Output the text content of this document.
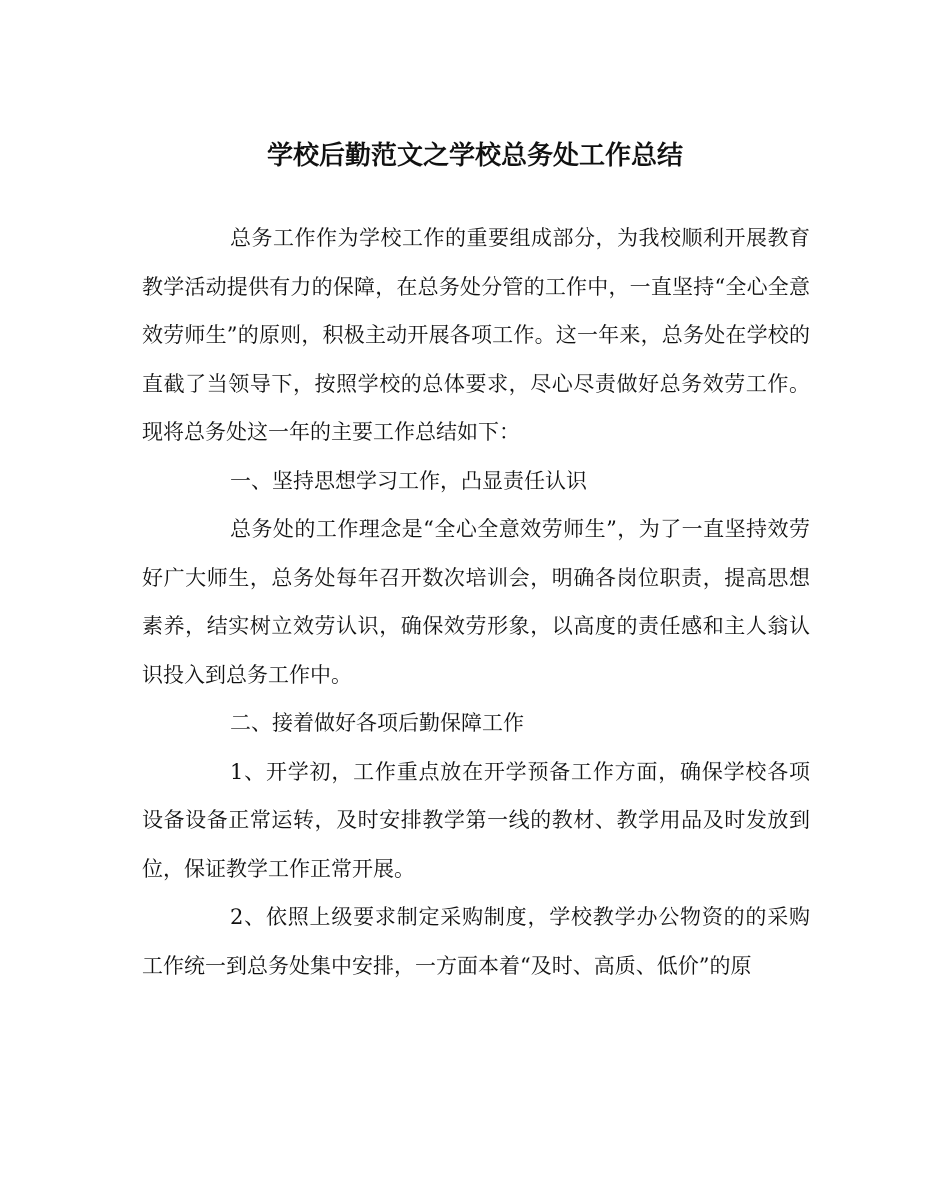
学校后勤范文之学校总务处工作总结

总务工作作为学校工作的重要组成部分，为我校顺利开展教育教学活动提供有力的保障，在总务处分管的工作中，一直坚持“全心全意效劳师生”的原则，积极主动开展各项工作。这一年来，总务处在学校的直截了当领导下，按照学校的总体要求，尽心尽责做好总务效劳工作。现将总务处这一年的主要工作总结如下：

一、坚持思想学习工作，凸显责任认识

总务处的工作理念是“全心全意效劳师生”，为了一直坚持效劳好广大师生，总务处每年召开数次培训会，明确各岗位职责，提高思想素养，结实树立效劳认识，确保效劳形象，以高度的责任感和主人翁认识投入到总务工作中。

二、接着做好各项后勤保障工作

1、开学初，工作重点放在开学预备工作方面，确保学校各项设备设备正常运转，及时安排教学第一线的教材、教学用品及时发放到位，保证教学工作正常开展。

2、依照上级要求制定采购制度，学校教学办公物资的的采购工作统一到总务处集中安排，一方面本着“及时、高质、低价”的原
